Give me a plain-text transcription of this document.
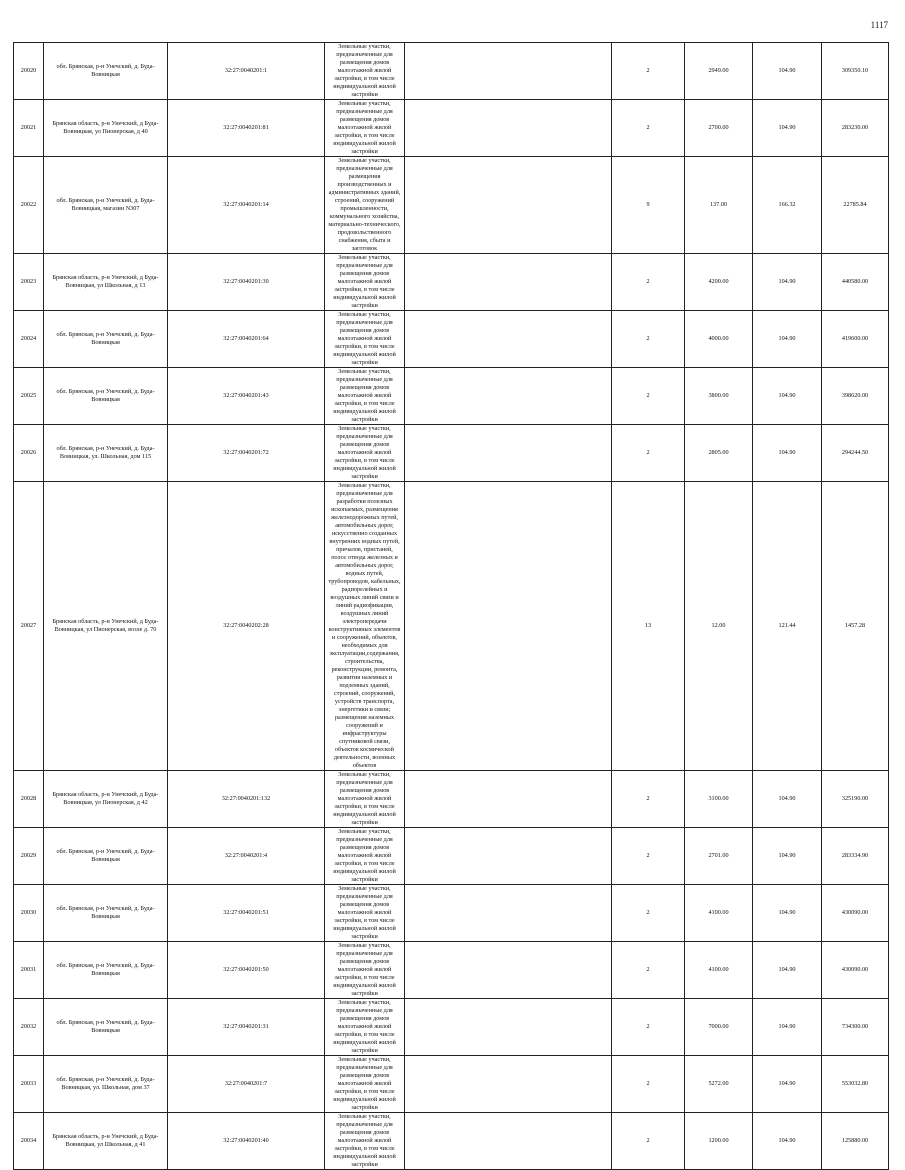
1117
20020	обл. Брянская, р-н Унечский, д. Буда-Вовницкая	32:27:0040201:1	Земельные участки, предназначенные для размещения домов малоэтажной жилой застройки, в том числе индивидуальной жилой застройки		2	2949.00	104.90	309350.10
20021	Брянская область, р-н Унечский, д Буда-Вовницкая, ул Пионерская, д 40	32:27:0040201:81	Земельные участки, предназначенные для размещения домов малоэтажной жилой застройки, в том числе индивидуальной жилой застройки		2	2700.00	104.90	283230.00
20022	обл. Брянская, р-н Унечский, д. Буда-Вовницкая, магазин N307	32:27:0040201:14	Земельные участки, предназначенные для размещения производственных и административных зданий, строений, сооружений промышленности, коммунального хозяйства, материально-технического, продовольственного снабжения, сбыта и заготовок		9	137.00	166.32	22785.84
20023	Брянская область, р-н Унечский, д Буда-Вовницкая, ул Школьная, д 13	32:27:0040201:30	Земельные участки, предназначенные для размещения домов малоэтажной жилой застройки, в том числе индивидуальной жилой застройки		2	4200.00	104.90	440580.00
20024	обл. Брянская, р-н Унечский, д. Буда-Вовницкая	32:27:0040201:64	Земельные участки, предназначенные для размещения домов малоэтажной жилой застройки, в том числе индивидуальной жилой застройки		2	4000.00	104.90	419600.00
20025	обл. Брянская, р-н Унечский, д. Буда-Вовницкая	32:27:0040201:43	Земельные участки, предназначенные для размещения домов малоэтажной жилой застройки, в том числе индивидуальной жилой застройки		2	3800.00	104.90	398620.00
20026	обл. Брянская, р-н Унечский, д. Буда-Вовницкая, ул. Школьная, дом 115	32:27:0040201:72	Земельные участки, предназначенные для размещения домов малоэтажной жилой застройки, в том числе индивидуальной жилой застройки		2	2805.00	104.90	294244.50
20027	Брянская область, р-н Унечский, д Буда-Вовницкая, ул Пионерская, возле д. 70	32:27:0040202:28	Земельные участки, предназначенные для разработки полезных ископаемых, размещения железнодорожных путей, автомобильных дорог, искусственно созданных внутренних водных путей, причалов, пристаней, полос отвода железных и автомобильных дорог, водных путей, трубопроводов, кабельных, радиорелейных и воздушных линий связи и линий радиофикации, воздушных линий электропередачи конструктивных элементов и сооружений, объектов, необходимых для эксплуатации,содержания, строительства, реконструкции, ремонта, развития наземных и подземных зданий, строений, сооружений, устройств транспорта, энергетики и связи; размещения наземных сооружений и инфраструктуры спутниковой связи, объектов космической деятельности, военных объектов		13	12.00	121.44	1457.28
20028	Брянская область, р-н Унечский, д Буда-Вовницкая, ул Пионерская, д 42	32:27:0040201:132	Земельные участки, предназначенные для размещения домов малоэтажной жилой застройки, в том числе индивидуальной жилой застройки		2	3100.00	104.90	325190.00
20029	обл. Брянская, р-н Унечский, д. Буда-Вовницкая	32:27:0040201:4	Земельные участки, предназначенные для размещения домов малоэтажной жилой застройки, в том числе индивидуальной жилой застройки		2	2701.00	104.90	283334.90
20030	обл. Брянская, р-н Унечский, д. Буда-Вовницкая	32:27:0040201:51	Земельные участки, предназначенные для размещения домов малоэтажной жилой застройки, в том числе индивидуальной жилой застройки		2	4100.00	104.90	430090.00
20031	обл. Брянская, р-н Унечский, д. Буда-Вовницкая	32:27:0040201:50	Земельные участки, предназначенные для размещения домов малоэтажной жилой застройки, в том числе индивидуальной жилой застройки		2	4100.00	104.90	430090.00
20032	обл. Брянская, р-н Унечский, д. Буда-Вовницкая	32:27:0040201:31	Земельные участки, предназначенные для размещения домов малоэтажной жилой застройки, в том числе индивидуальной жилой застройки		2	7000.00	104.90	734300.00
20033	обл. Брянская, р-н Унечский, д. Буда-Вовницкая, ул. Школьная, дом 37	32:27:0040201:7	Земельные участки, предназначенные для размещения домов малоэтажной жилой застройки, в том числе индивидуальной жилой застройки		2	5272.00	104.90	553032.80
20034	Брянская область, р-н Унечский, д Буда-Вовницкая, ул Школьная, д 41	32:27:0040201:40	Земельные участки, предназначенные для размещения домов малоэтажной жилой застройки, в том числе индивидуальной жилой застройки		2	1200.00	104.90	125880.00
